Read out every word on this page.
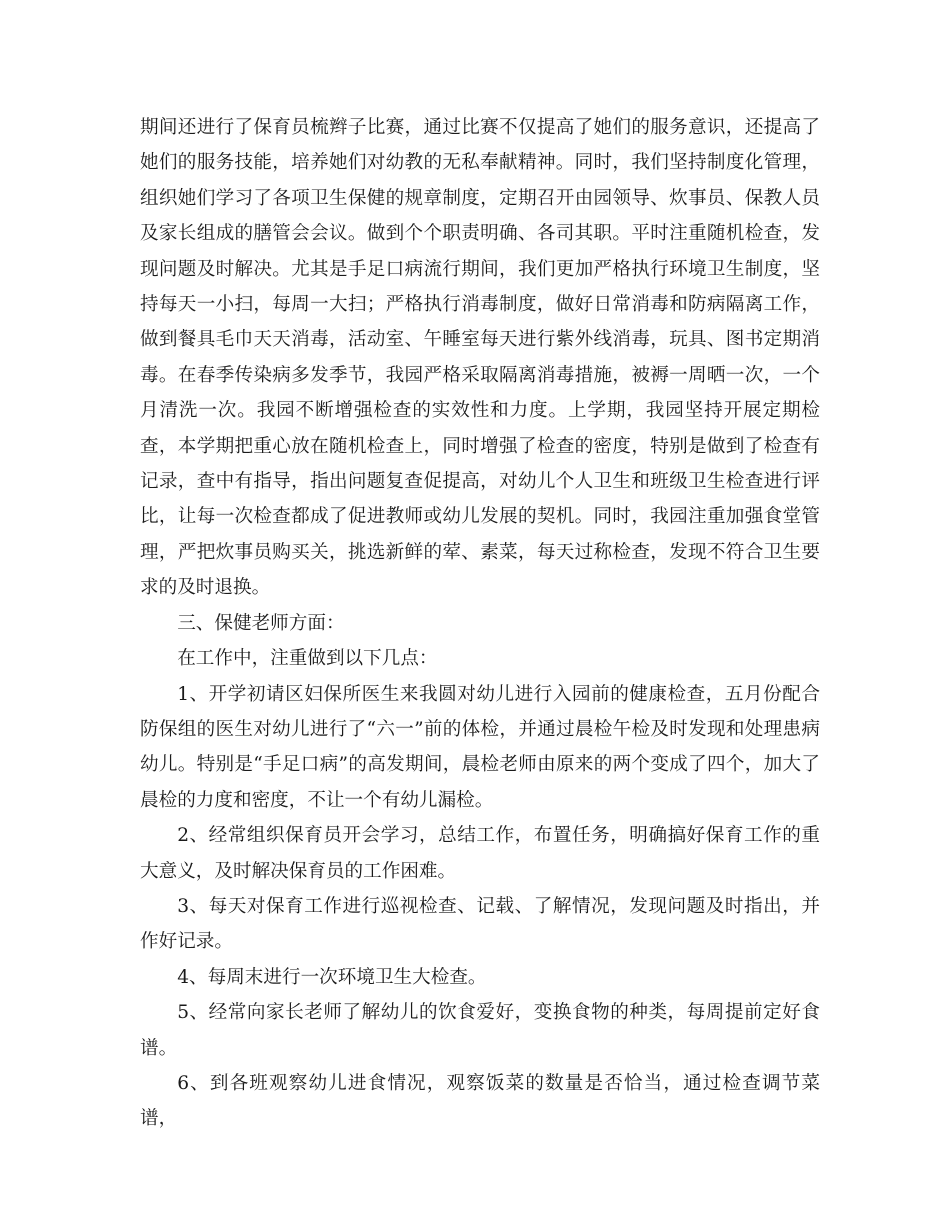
期间还进行了保育员梳辫子比赛，通过比赛不仅提高了她们的服务意识，还提高了她们的服务技能，培养她们对幼教的无私奉献精神。同时，我们坚持制度化管理，组织她们学习了各项卫生保健的规章制度，定期召开由园领导、炊事员、保教人员及家长组成的膳管会会议。做到个个职责明确、各司其职。平时注重随机检查，发现问题及时解决。尤其是手足口病流行期间，我们更加严格执行环境卫生制度，坚持每天一小扫，每周一大扫；严格执行消毒制度，做好日常消毒和防病隔离工作，做到餐具毛巾天天消毒，活动室、午睡室每天进行紫外线消毒，玩具、图书定期消毒。在春季传染病多发季节，我园严格采取隔离消毒措施，被褥一周晒一次，一个月清洗一次。我园不断增强检查的实效性和力度。上学期，我园坚持开展定期检查，本学期把重心放在随机检查上，同时增强了检查的密度，特别是做到了检查有记录，查中有指导，指出问题复查促提高，对幼儿个人卫生和班级卫生检查进行评比，让每一次检查都成了促进教师或幼儿发展的契机。同时，我园注重加强食堂管理，严把炊事员购买关，挑选新鲜的荤、素菜，每天过称检查，发现不符合卫生要求的及时退换。

三、保健老师方面：

在工作中，注重做到以下几点：

1、开学初请区妇保所医生来我圆对幼儿进行入园前的健康检查，五月份配合防保组的医生对幼儿进行了“六一”前的体检，并通过晨检午检及时发现和处理患病幼儿。特别是“手足口病”的高发期间，晨检老师由原来的两个变成了四个，加大了晨检的力度和密度，不让一个有幼儿漏检。

2、经常组织保育员开会学习，总结工作，布置任务，明确搞好保育工作的重大意义，及时解决保育员的工作困难。

3、每天对保育工作进行巡视检查、记载、了解情况，发现问题及时指出，并作好记录。

4、每周末进行一次环境卫生大检查。

5、经常向家长老师了解幼儿的饮食爱好，变换食物的种类，每周提前定好食谱。

6、到各班观察幼儿进食情况，观察饭菜的数量是否恰当，通过检查调节菜谱，
